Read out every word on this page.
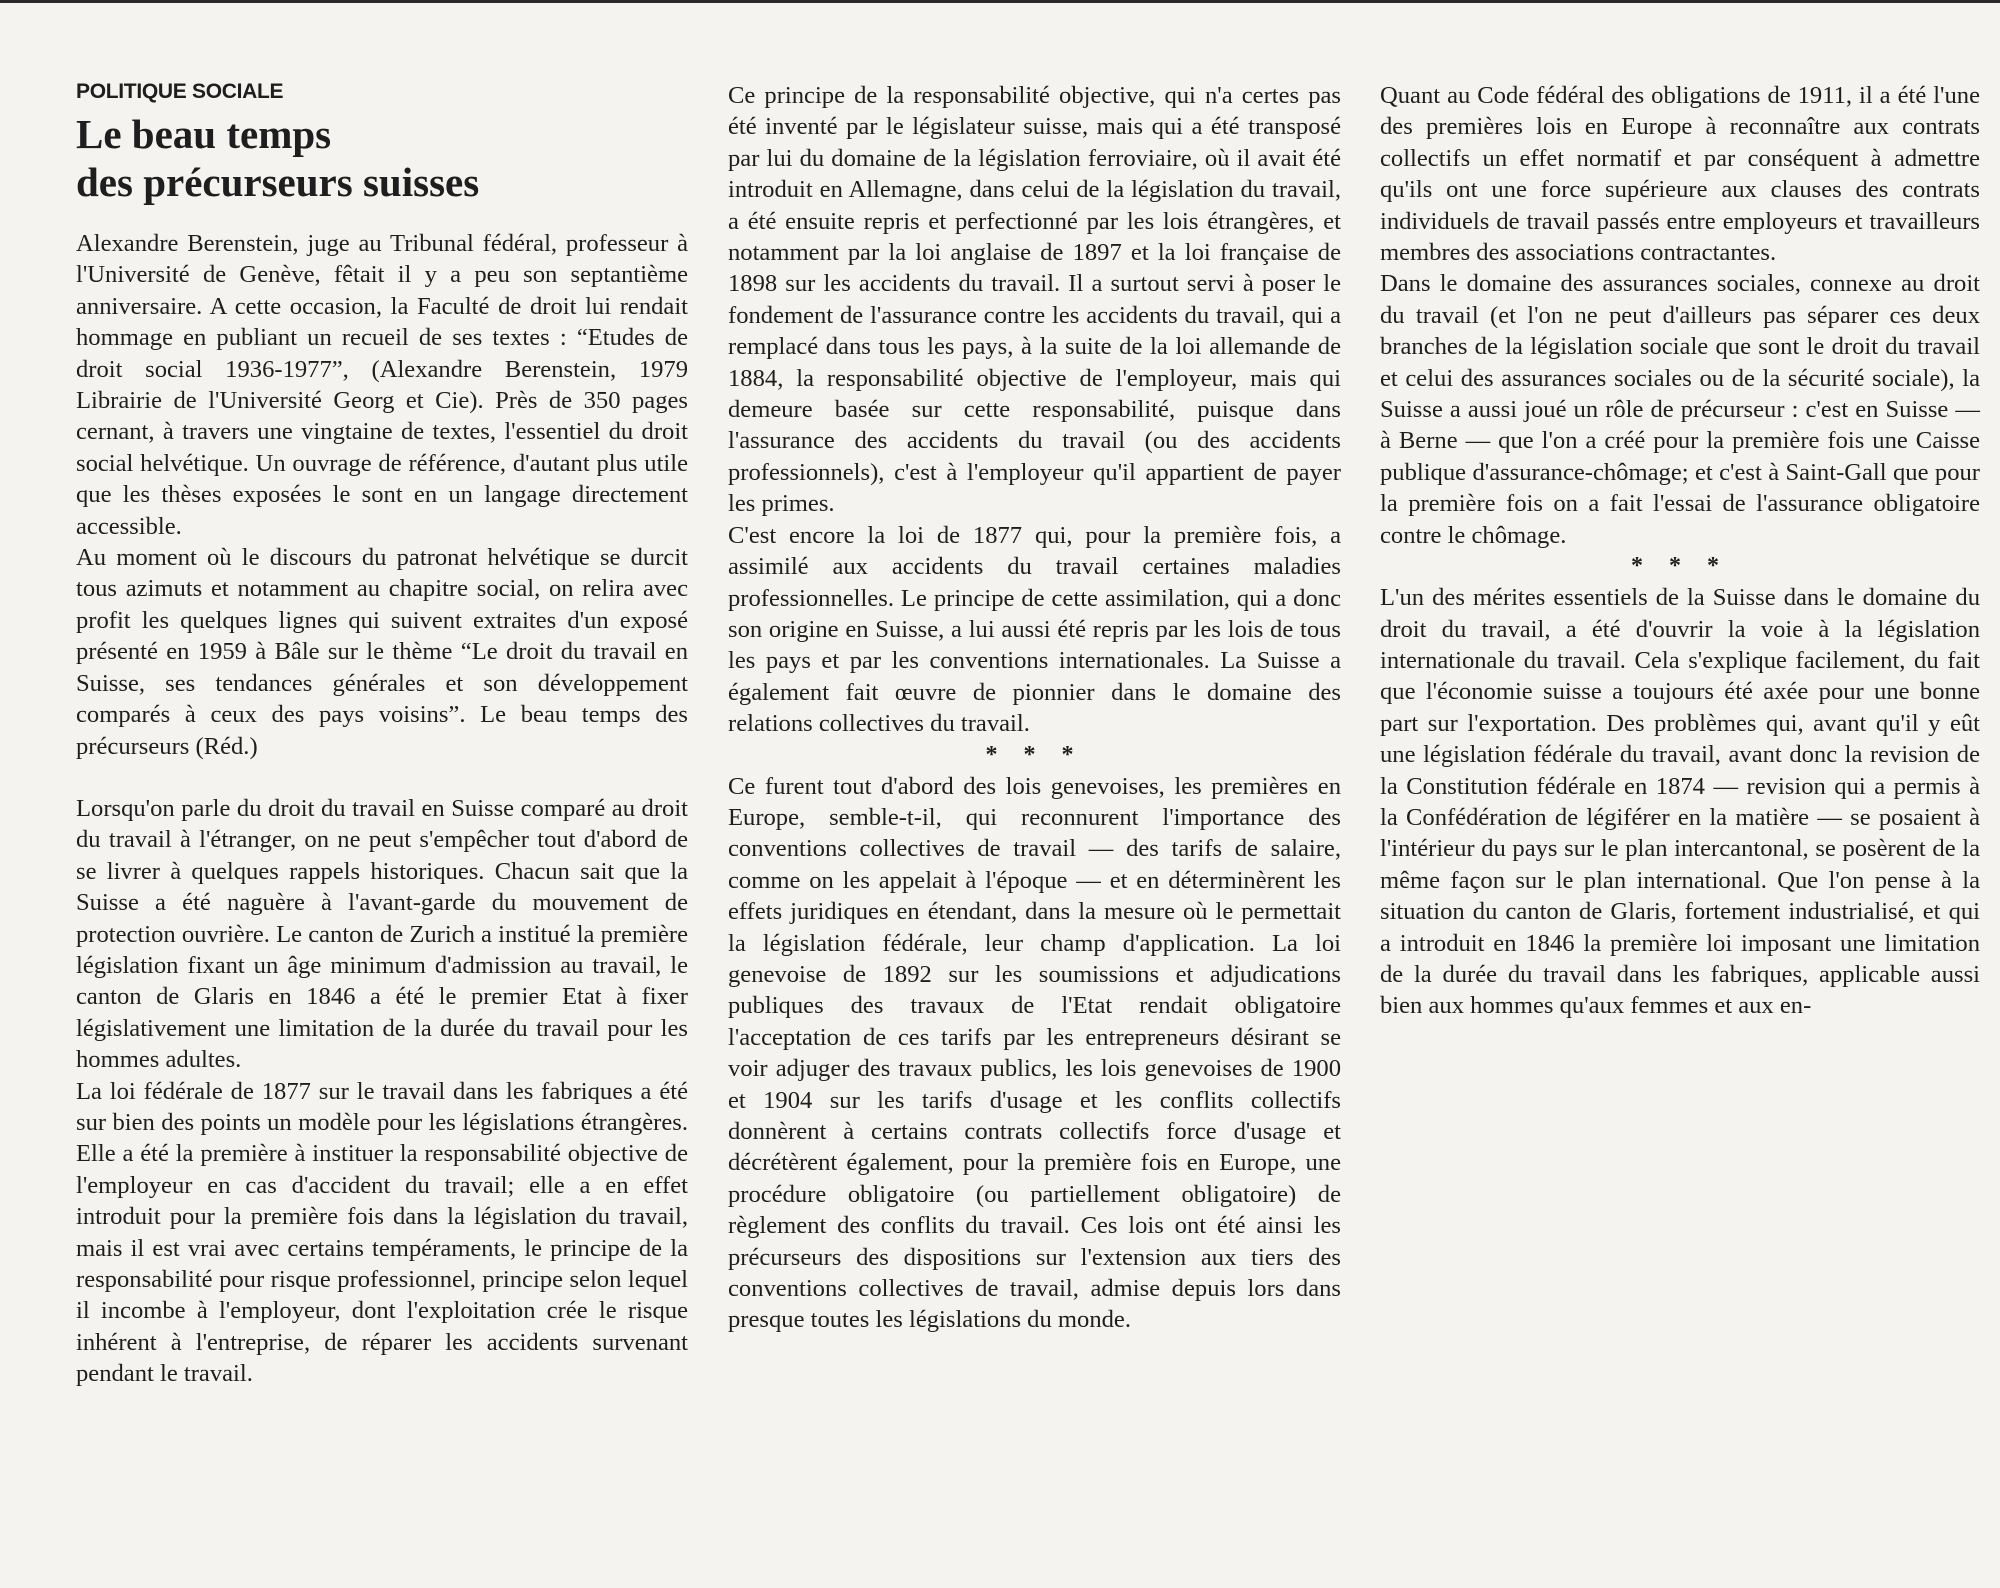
POLITIQUE SOCIALE
Le beau temps
des précurseurs suisses

Alexandre Berenstein, juge au Tribunal fédéral, professeur à l'Université de Genève, fêtait il y a peu son septantième anniversaire. A cette occasion, la Faculté de droit lui rendait hommage en publiant un recueil de ses textes : “Etudes de droit social 1936-1977”, (Alexandre Berenstein, 1979 Librairie de l'Université Georg et Cie). Près de 350 pages cernant, à travers une vingtaine de textes, l'essentiel du droit social helvétique. Un ouvrage de référence, d'autant plus utile que les thèses exposées le sont en un langage directement accessible.

Au moment où le discours du patronat helvétique se durcit tous azimuts et notamment au chapitre social, on relira avec profit les quelques lignes qui suivent extraites d'un exposé présenté en 1959 à Bâle sur le thème “Le droit du travail en Suisse, ses tendances générales et son développement comparés à ceux des pays voisins”. Le beau temps des précurseurs (Réd.)

Lorsqu'on parle du droit du travail en Suisse comparé au droit du travail à l'étranger, on ne peut s'empêcher tout d'abord de se livrer à quelques rappels historiques. Chacun sait que la Suisse a été naguère à l'avant-garde du mouvement de protection ouvrière. Le canton de Zurich a institué la première législation fixant un âge minimum d'admission au travail, le canton de Glaris en 1846 a été le premier Etat à fixer législativement une limitation de la durée du travail pour les hommes adultes.

La loi fédérale de 1877 sur le travail dans les fabriques a été sur bien des points un modèle pour les législations étrangères. Elle a été la première à instituer la responsabilité objective de l'employeur en cas d'accident du travail; elle a en effet introduit pour la première fois dans la législation du travail, mais il est vrai avec certains tempéraments, le principe de la responsabilité pour risque professionnel, principe selon lequel il incombe à l'employeur, dont l'exploitation crée le risque inhérent à l'entreprise, de réparer les accidents survenant pendant le travail.

Ce principe de la responsabilité objective, qui n'a certes pas été inventé par le législateur suisse, mais qui a été transposé par lui du domaine de la législation ferroviaire, où il avait été introduit en Allemagne, dans celui de la législation du travail, a été ensuite repris et perfectionné par les lois étrangères, et notamment par la loi anglaise de 1897 et la loi française de 1898 sur les accidents du travail. Il a surtout servi à poser le fondement de l'assurance contre les accidents du travail, qui a remplacé dans tous les pays, à la suite de la loi allemande de 1884, la responsabilité objective de l'employeur, mais qui demeure basée sur cette responsabilité, puisque dans l'assurance des accidents du travail (ou des accidents professionnels), c'est à l'employeur qu'il appartient de payer les primes.

C'est encore la loi de 1877 qui, pour la première fois, a assimilé aux accidents du travail certaines maladies professionnelles. Le principe de cette assimilation, qui a donc son origine en Suisse, a lui aussi été repris par les lois de tous les pays et par les conventions internationales. La Suisse a également fait œuvre de pionnier dans le domaine des relations collectives du travail.

* * *

Ce furent tout d'abord des lois genevoises, les premières en Europe, semble-t-il, qui reconnurent l'importance des conventions collectives de travail — des tarifs de salaire, comme on les appelait à l'époque — et en déterminèrent les effets juridiques en étendant, dans la mesure où le permettait la législation fédérale, leur champ d'application. La loi genevoise de 1892 sur les soumissions et adjudications publiques des travaux de l'Etat rendait obligatoire l'acceptation de ces tarifs par les entrepreneurs désirant se voir adjuger des travaux publics, les lois genevoises de 1900 et 1904 sur les tarifs d'usage et les conflits collectifs donnèrent à certains contrats collectifs force d'usage et décrétèrent également, pour la première fois en Europe, une procédure obligatoire (ou partiellement obligatoire) de règlement des conflits du travail. Ces lois ont été ainsi les précurseurs des dispositions sur l'extension aux tiers des conventions collectives de travail, admise depuis lors dans presque toutes les législations du monde.

Quant au Code fédéral des obligations de 1911, il a été l'une des premières lois en Europe à reconnaître aux contrats collectifs un effet normatif et par conséquent à admettre qu'ils ont une force supérieure aux clauses des contrats individuels de travail passés entre employeurs et travailleurs membres des associations contractantes.

Dans le domaine des assurances sociales, connexe au droit du travail (et l'on ne peut d'ailleurs pas séparer ces deux branches de la législation sociale que sont le droit du travail et celui des assurances sociales ou de la sécurité sociale), la Suisse a aussi joué un rôle de précurseur : c'est en Suisse — à Berne — que l'on a créé pour la première fois une Caisse publique d'assurance-chômage; et c'est à Saint-Gall que pour la première fois on a fait l'essai de l'assurance obligatoire contre le chômage.

* * *

L'un des mérites essentiels de la Suisse dans le domaine du droit du travail, a été d'ouvrir la voie à la législation internationale du travail. Cela s'explique facilement, du fait que l'économie suisse a toujours été axée pour une bonne part sur l'exportation. Des problèmes qui, avant qu'il y eût une législation fédérale du travail, avant donc la revision de la Constitution fédérale en 1874 — revision qui a permis à la Confédération de légiférer en la matière — se posaient à l'intérieur du pays sur le plan intercantonal, se posèrent de la même façon sur le plan international. Que l'on pense à la situation du canton de Glaris, fortement industrialisé, et qui a introduit en 1846 la première loi imposant une limitation de la durée du travail dans les fabriques, applicable aussi bien aux hommes qu'aux femmes et aux en-
